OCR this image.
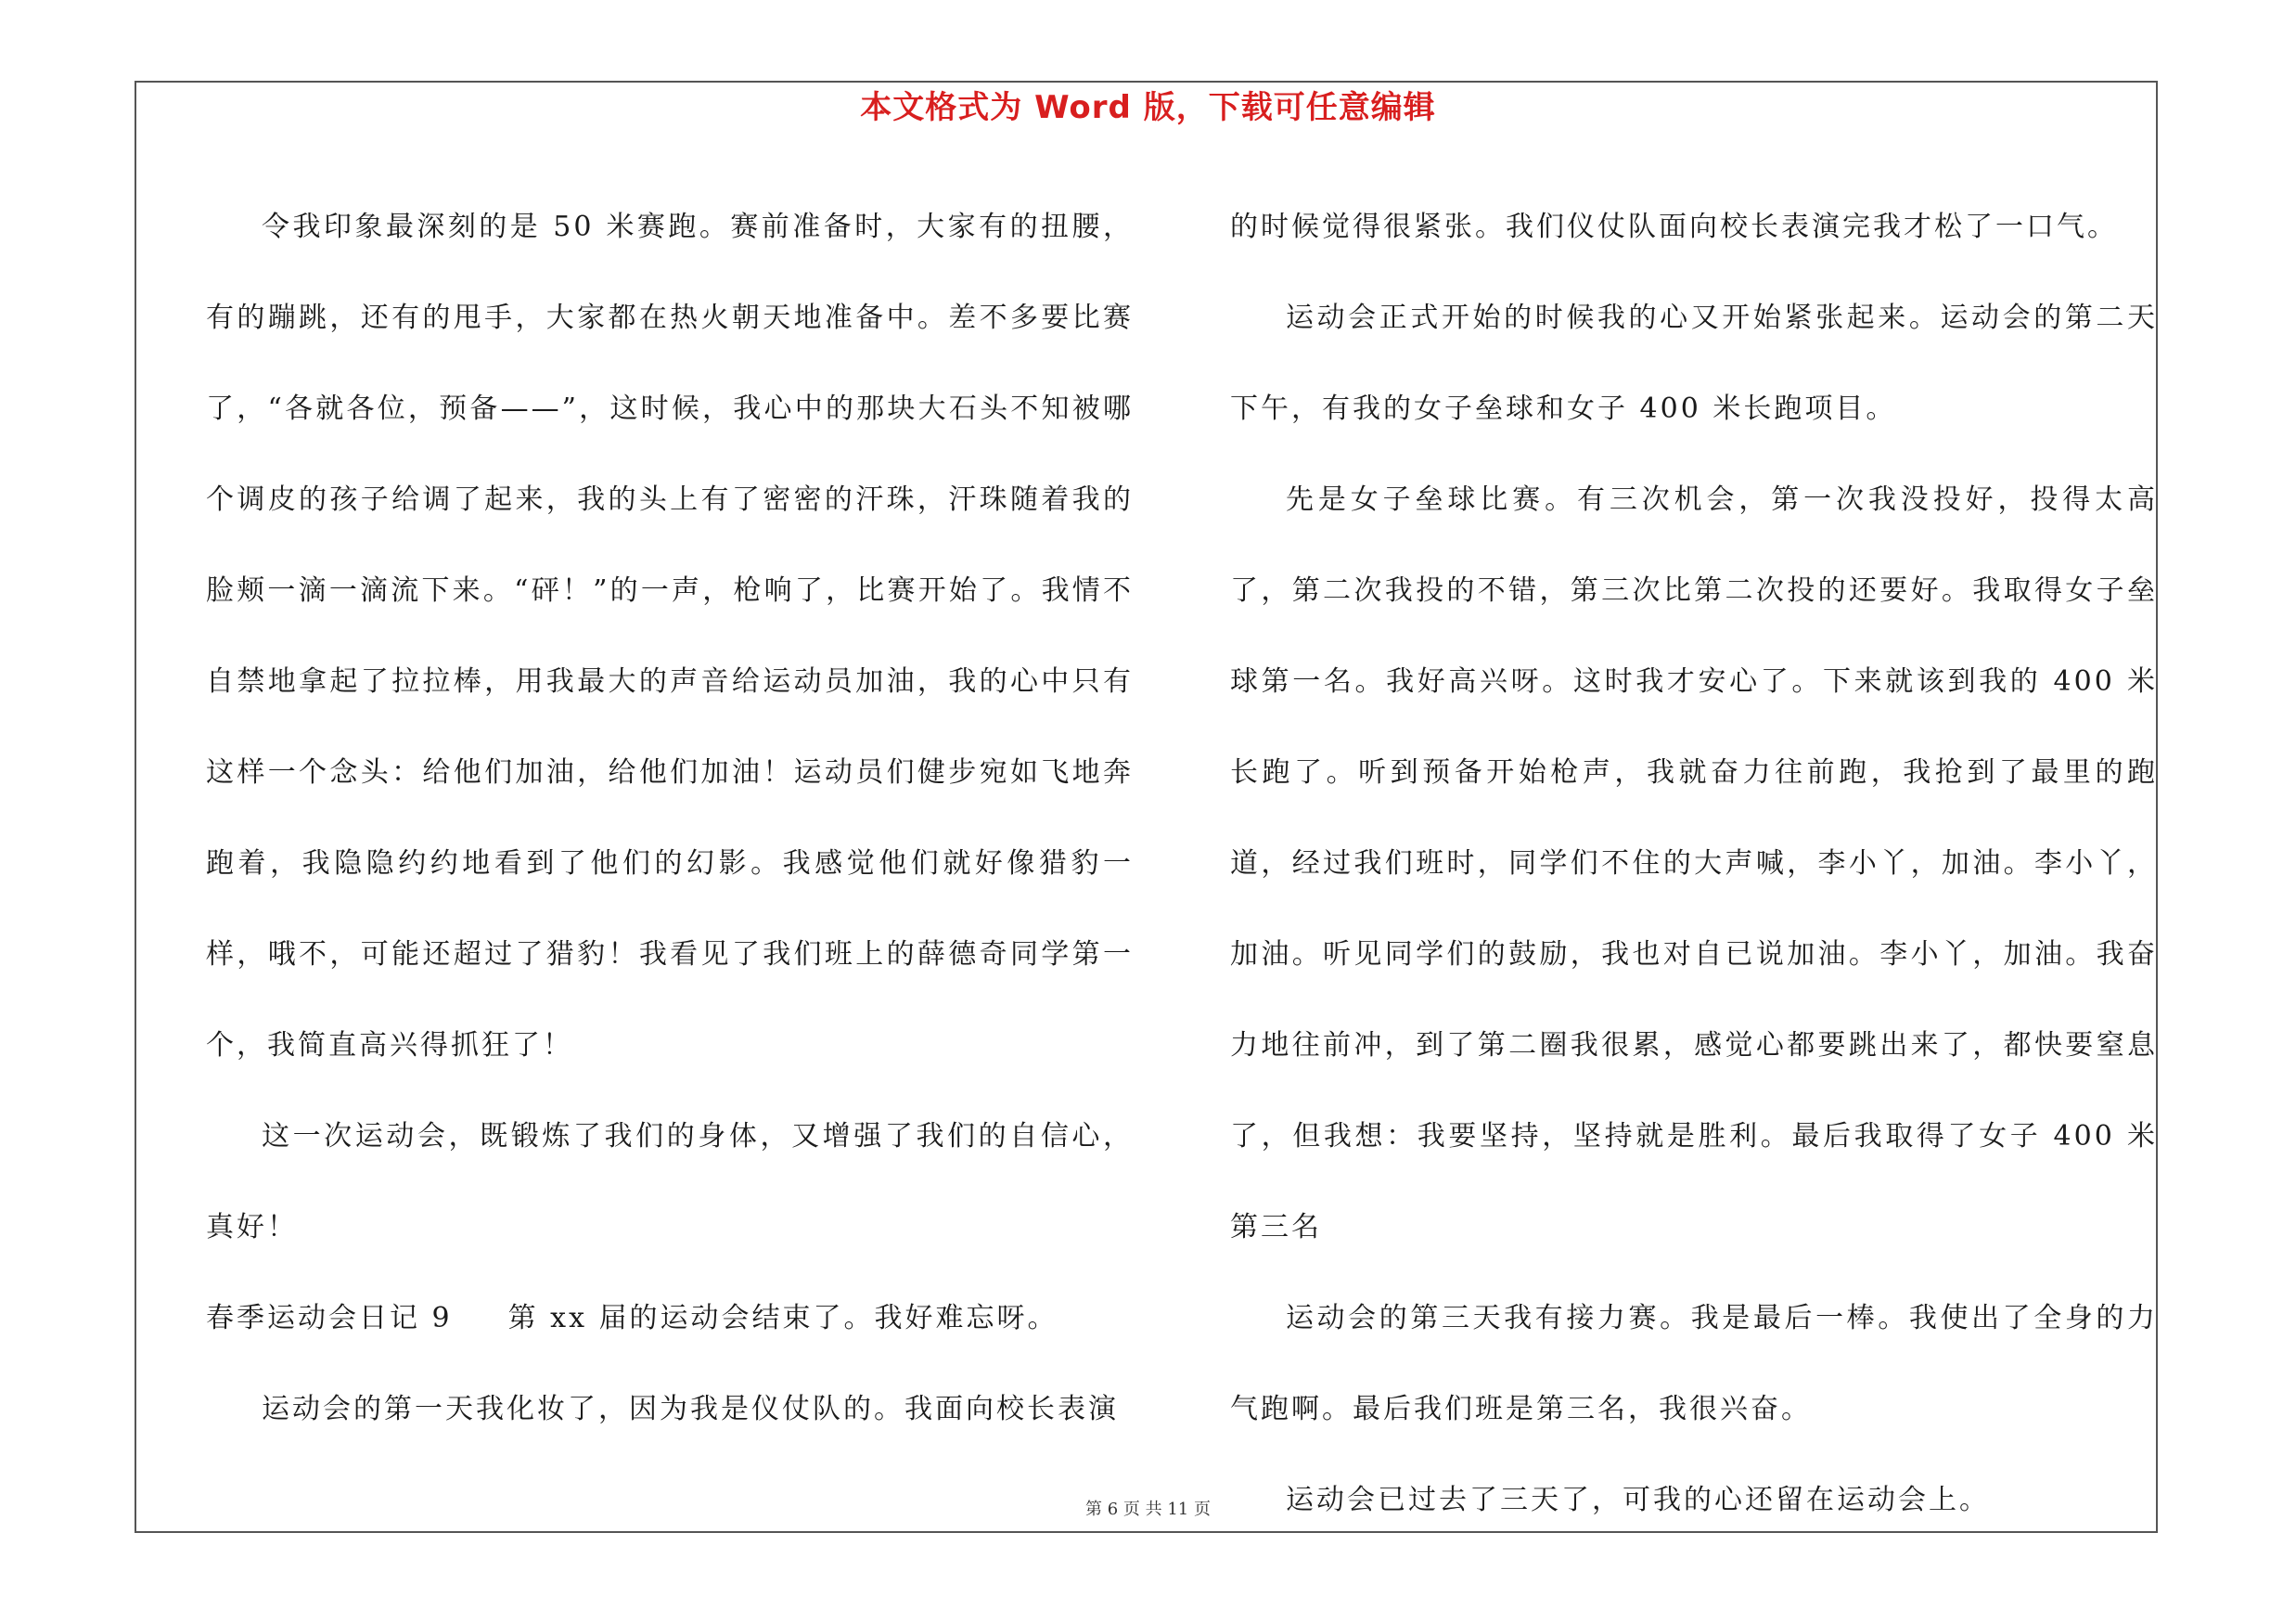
本文格式为 Word 版，下载可任意编辑

令我印象最深刻的是 50 米赛跑。赛前准备时，大家有的扭腰，有的蹦跳，还有的甩手，大家都在热火朝天地准备中。差不多要比赛了，“各就各位，预备——”，这时候，我心中的那块大石头不知被哪个调皮的孩子给调了起来，我的头上有了密密的汗珠，汗珠随着我的脸颊一滴一滴流下来。“砰！”的一声，枪响了，比赛开始了。我情不自禁地拿起了拉拉棒，用我最大的声音给运动员加油，我的心中只有这样一个念头：给他们加油，给他们加油！运动员们健步宛如飞地奔跑着，我隐隐约约地看到了他们的幻影。我感觉他们就好像猎豹一样，哦不，可能还超过了猎豹！我看见了我们班上的薛德奇同学第一个，我简直高兴得抓狂了！

这一次运动会，既锻炼了我们的身体，又增强了我们的自信心，真好！

春季运动会日记 9 第 xx 届的运动会结束了。我好难忘呀。

运动会的第一天我化妆了，因为我是仪仗队的。我面向校长表演

的时候觉得很紧张。我们仪仗队面向校长表演完我才松了一口气。

运动会正式开始的时候我的心又开始紧张起来。运动会的第二天下午，有我的女子垒球和女子 400 米长跑项目。

先是女子垒球比赛。有三次机会，第一次我没投好，投得太高了，第二次我投的不错，第三次比第二次投的还要好。我取得女子垒球第一名。我好高兴呀。这时我才安心了。下来就该到我的 400 米长跑了。听到预备开始枪声，我就奋力往前跑，我抢到了最里的跑道，经过我们班时，同学们不住的大声喊，李小丫，加油。李小丫，加油。听见同学们的鼓励，我也对自已说加油。李小丫，加油。我奋力地往前冲，到了第二圈我很累，感觉心都要跳出来了，都快要窒息了，但我想：我要坚持，坚持就是胜利。最后我取得了女子 400 米第三名

运动会的第三天我有接力赛。我是最后一棒。我使出了全身的力气跑啊。最后我们班是第三名，我很兴奋。

运动会已过去了三天了，可我的心还留在运动会上。

第 6 页 共 11 页
